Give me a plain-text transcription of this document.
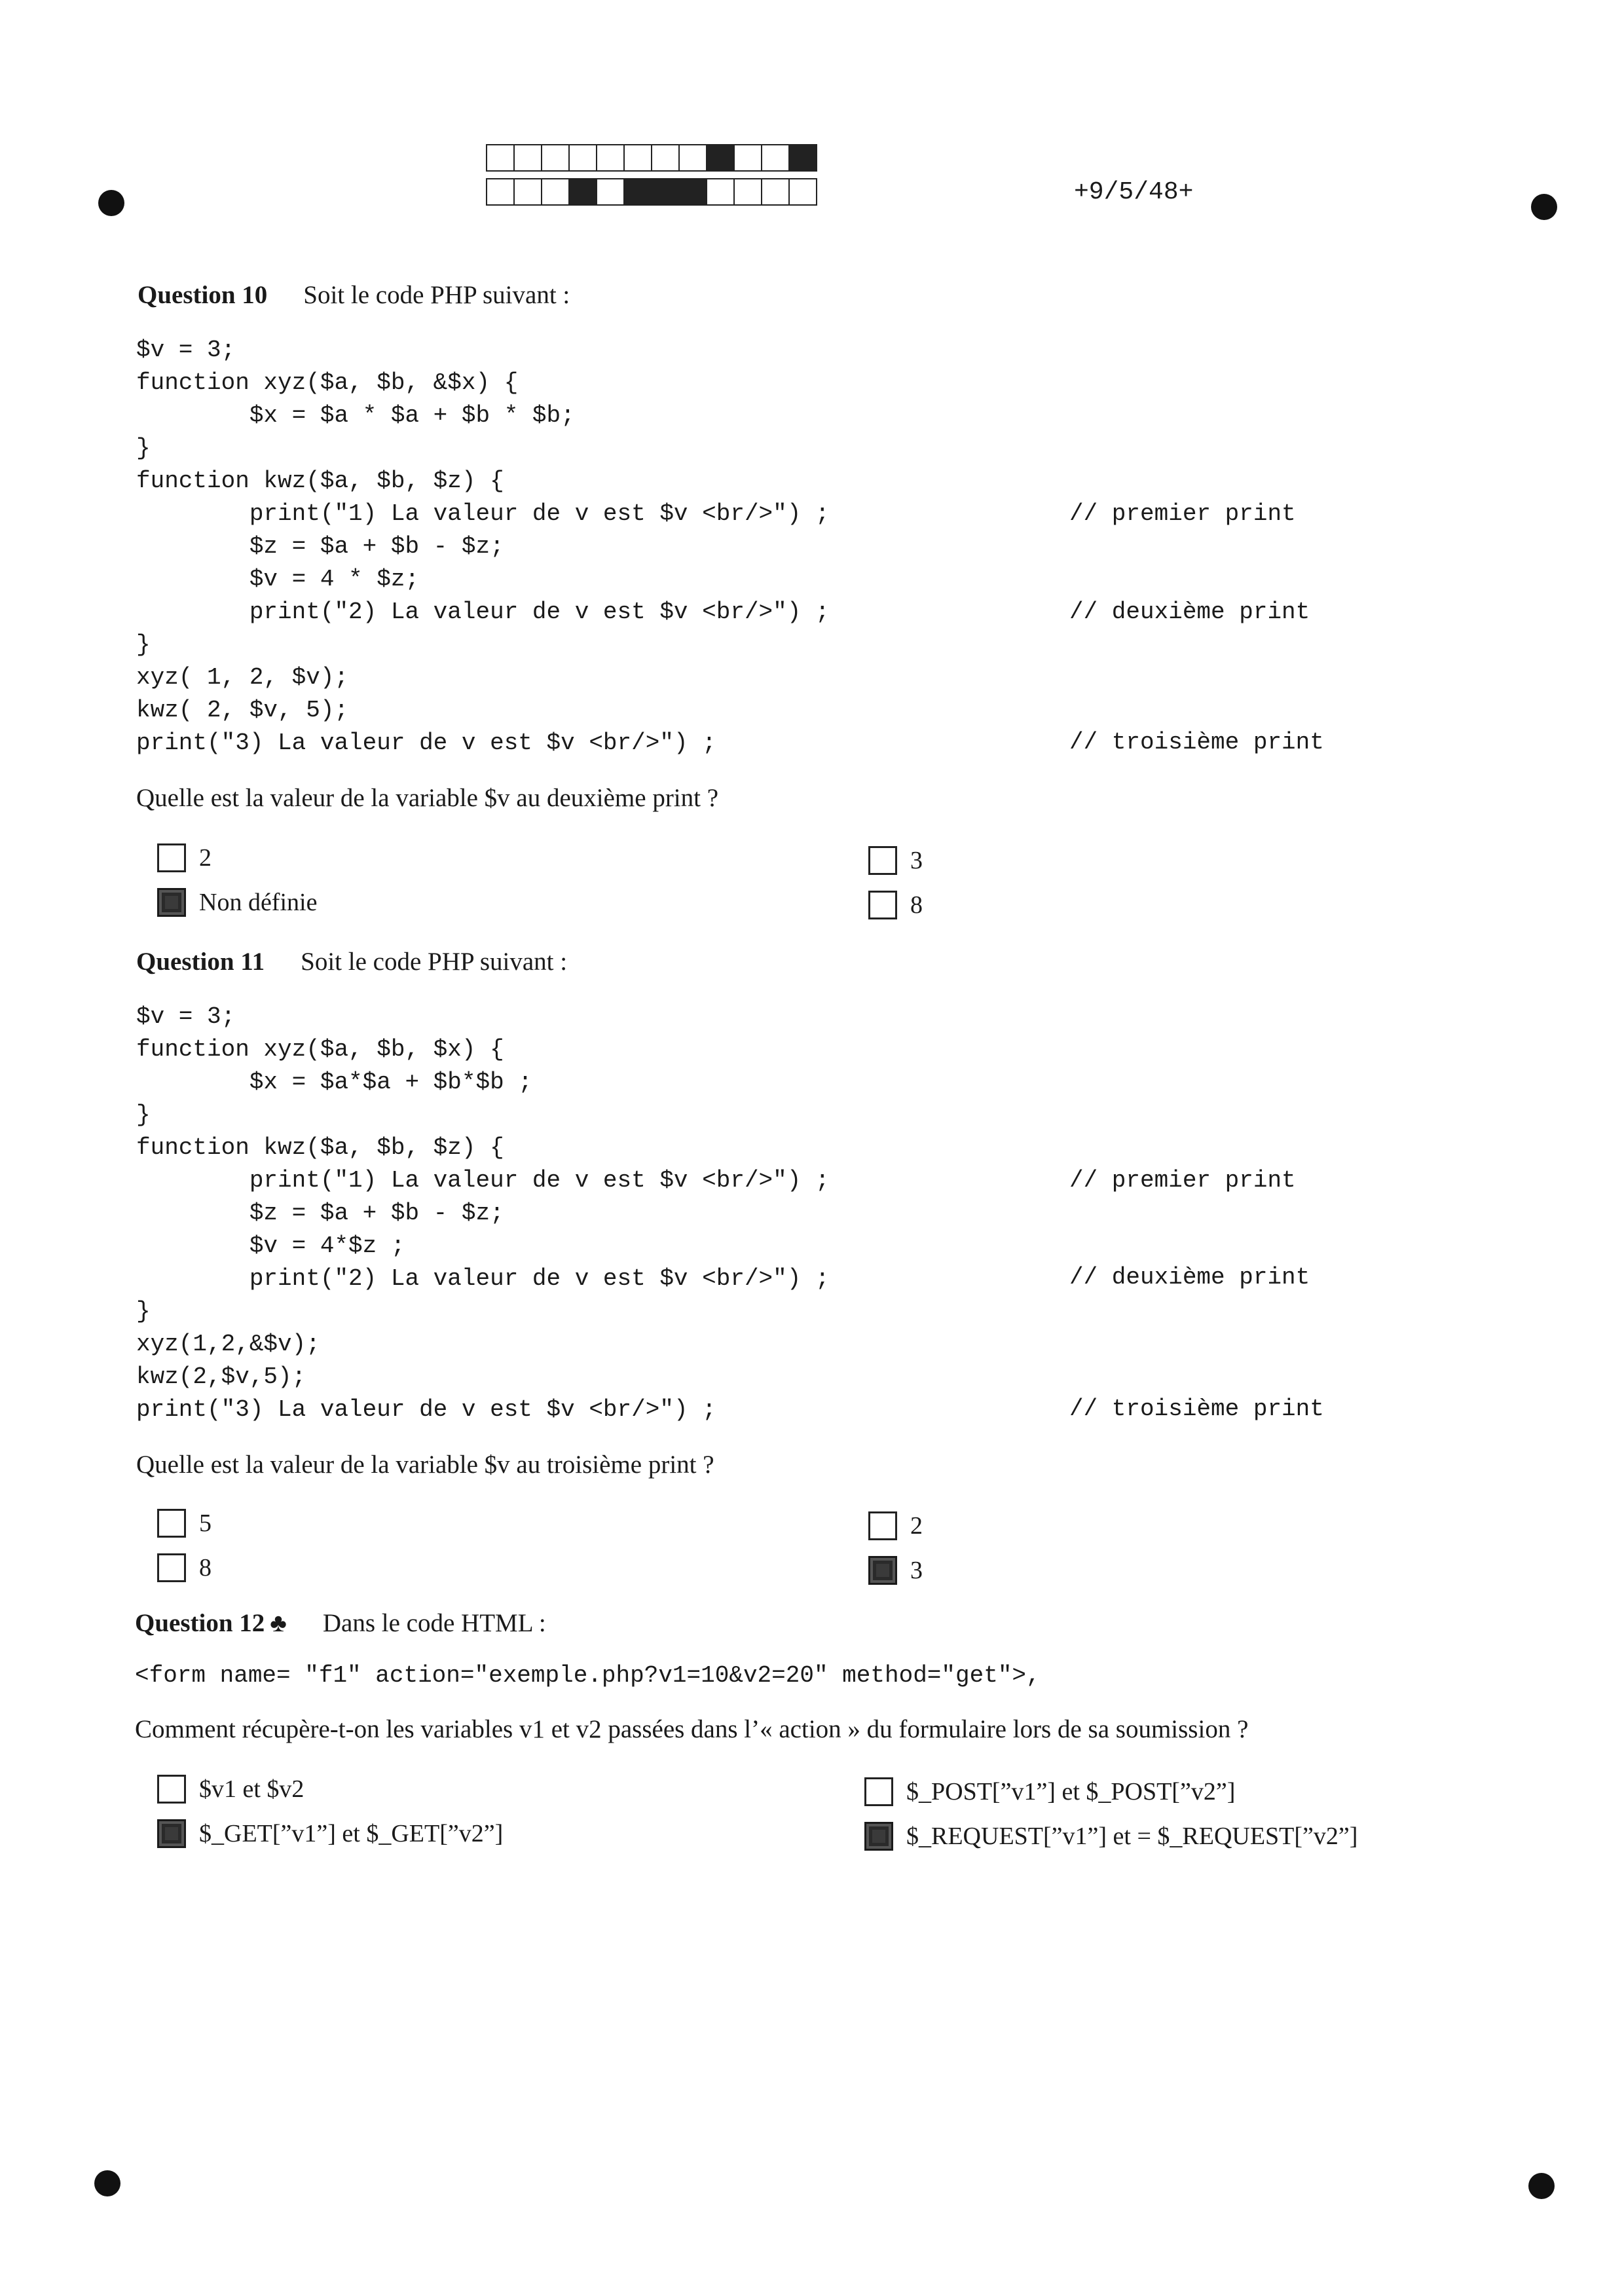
+9/5/48+
Question 10 Soit le code PHP suivant :
$v = 3;
function xyz($a, $b, &$x) {
$x = $a * $a + $b * $b;
}
function kwz($a, $b, $z) {
print("1) La valeur de v est $v <br/>") ;
$z = $a + $b - $z;
$v = 4 * $z;
print("2) La valeur de v est $v <br/>") ;
}
xyz( 1, 2, $v);
kwz( 2, $v, 5);
print("3) La valeur de v est $v <br/>") ;
// premier print
// deuxième print
// troisième print
Quelle est la valeur de la variable $v au deuxième print ?
2
Non définie
3
8
Question 11 Soit le code PHP suivant :
$v = 3;
function xyz($a, $b, $x) {
$x = $a*$a + $b*$b ;
}
function kwz($a, $b, $z) {
print("1) La valeur de v est $v <br/>") ;
$z = $a + $b - $z;
$v = 4*$z ;
print("2) La valeur de v est $v <br/>") ;
}
xyz(1,2,&$v);
kwz(2,$v,5);
print("3) La valeur de v est $v <br/>") ;
// premier print
// deuxième print
// troisième print
Quelle est la valeur de la variable $v au troisième print ?
5
8
2
3
Question 12 ♣ Dans le code HTML :
<form name= "f1" action="exemple.php?v1=10&v2=20" method="get">,
Comment récupère-t-on les variables v1 et v2 passées dans l’« action » du formulaire lors de sa soumission ?
$v1 et $v2
$_GET[”v1”] et $_GET[”v2”]
$_POST[”v1”] et $_POST[”v2”]
$_REQUEST[”v1”] et = $_REQUEST[”v2”]
